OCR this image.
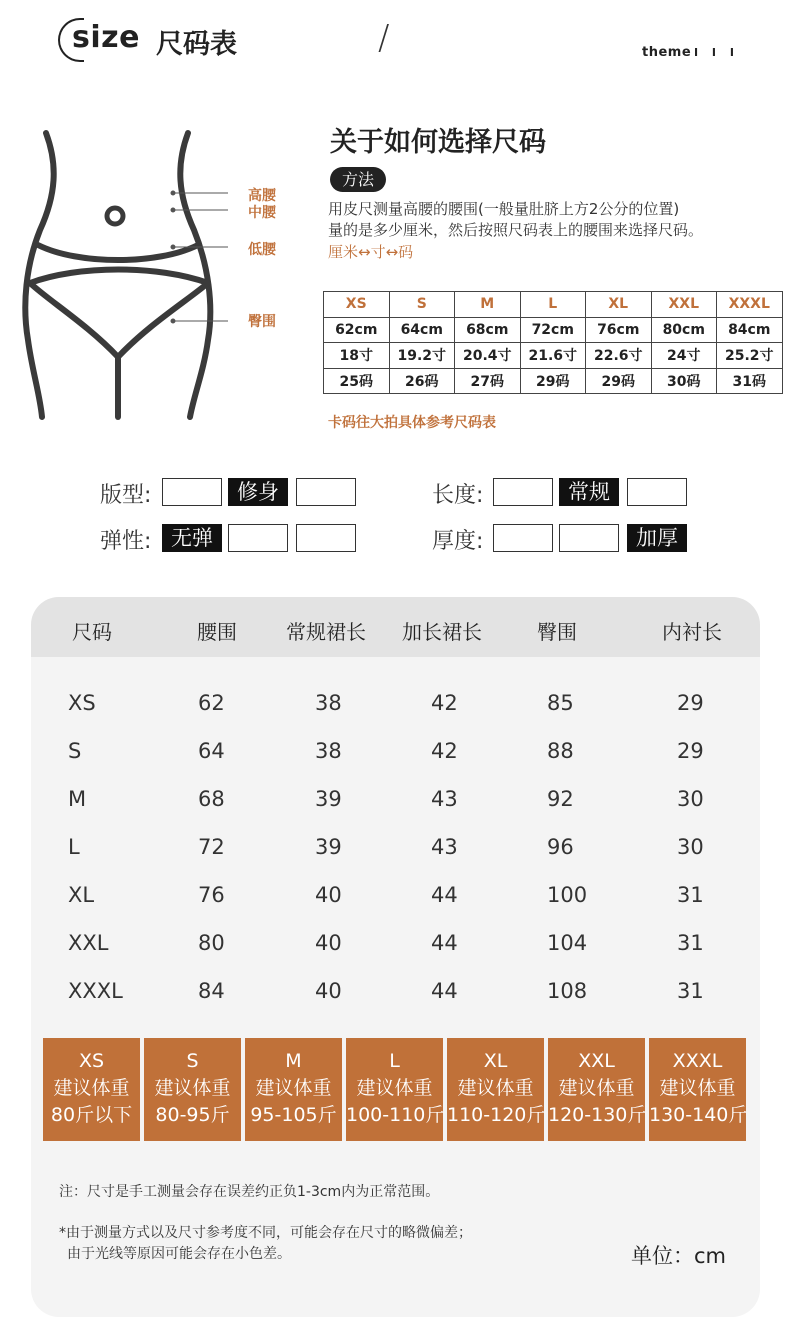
size 尺码表	/	theme I I I
高腰
中腰
低腰
臀围
关于如何选择尺码
方法
用皮尺测量高腰的腰围(一般量肚脐上方2公分的位置)
量的是多少厘米，然后按照尺码表上的腰围来选择尺码。
厘米↔寸↔码
XS	S	M	L	XL	XXL	XXXL
62cm	64cm	68cm	72cm	76cm	80cm	84cm
18寸	19.2寸	20.4寸	21.6寸	22.6寸	24寸	25.2寸
25码	26码	27码	29码	29码	30码	31码
卡码往大拍具体参考尺码表
版型:	修身
弹性: 无弹
长度:	常规
厚度:	加厚
尺码	腰围 常规裙长 加长裙长	臀围	内衬长
XS	62	38	42	85	29
S	64	38	42	88	29
M	68	39	43	92	30
L	72	39	43	96	30
XL	76	40	44	100	31
XXL	80	40	44	104	31
XXXL	84	40	44	108	31
XS
建议体重
80斤以下
S
建议体重
80-95斤
M
建议体重
95-105斤
L
建议体重
100-110斤
XL
建议体重
110-120斤
XXL
建议体重
120-130斤
XXXL
建议体重
130-140斤
注：尺寸是手工测量会存在误差约正负1-3cm内为正常范围。
*由于测量方式以及尺寸参考度不同，可能会存在尺寸的略微偏差；
由于光线等原因可能会存在小色差。	单位：cm
